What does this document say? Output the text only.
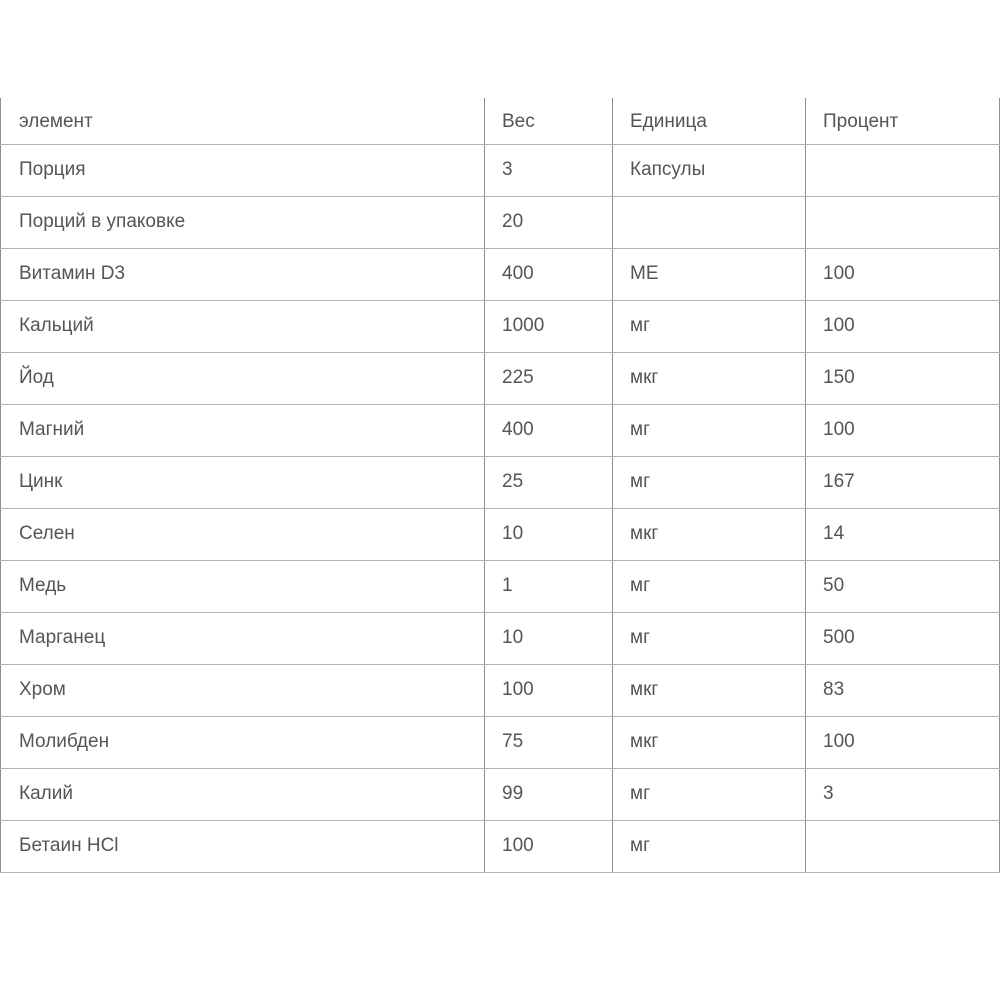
элемент	Вес	Единица	Процент
Порция	3	Капсулы	
Порций в упаковке	20		
Витамин D3	400	МЕ	100
Кальций	1000	мг	100
Йод	225	мкг	150
Магний	400	мг	100
Цинк	25	мг	167
Селен	10	мкг	14
Медь	1	мг	50
Марганец	10	мг	500
Хром	100	мкг	83
Молибден	75	мкг	100
Калий	99	мг	3
Бетаин HCl	100	мг	
